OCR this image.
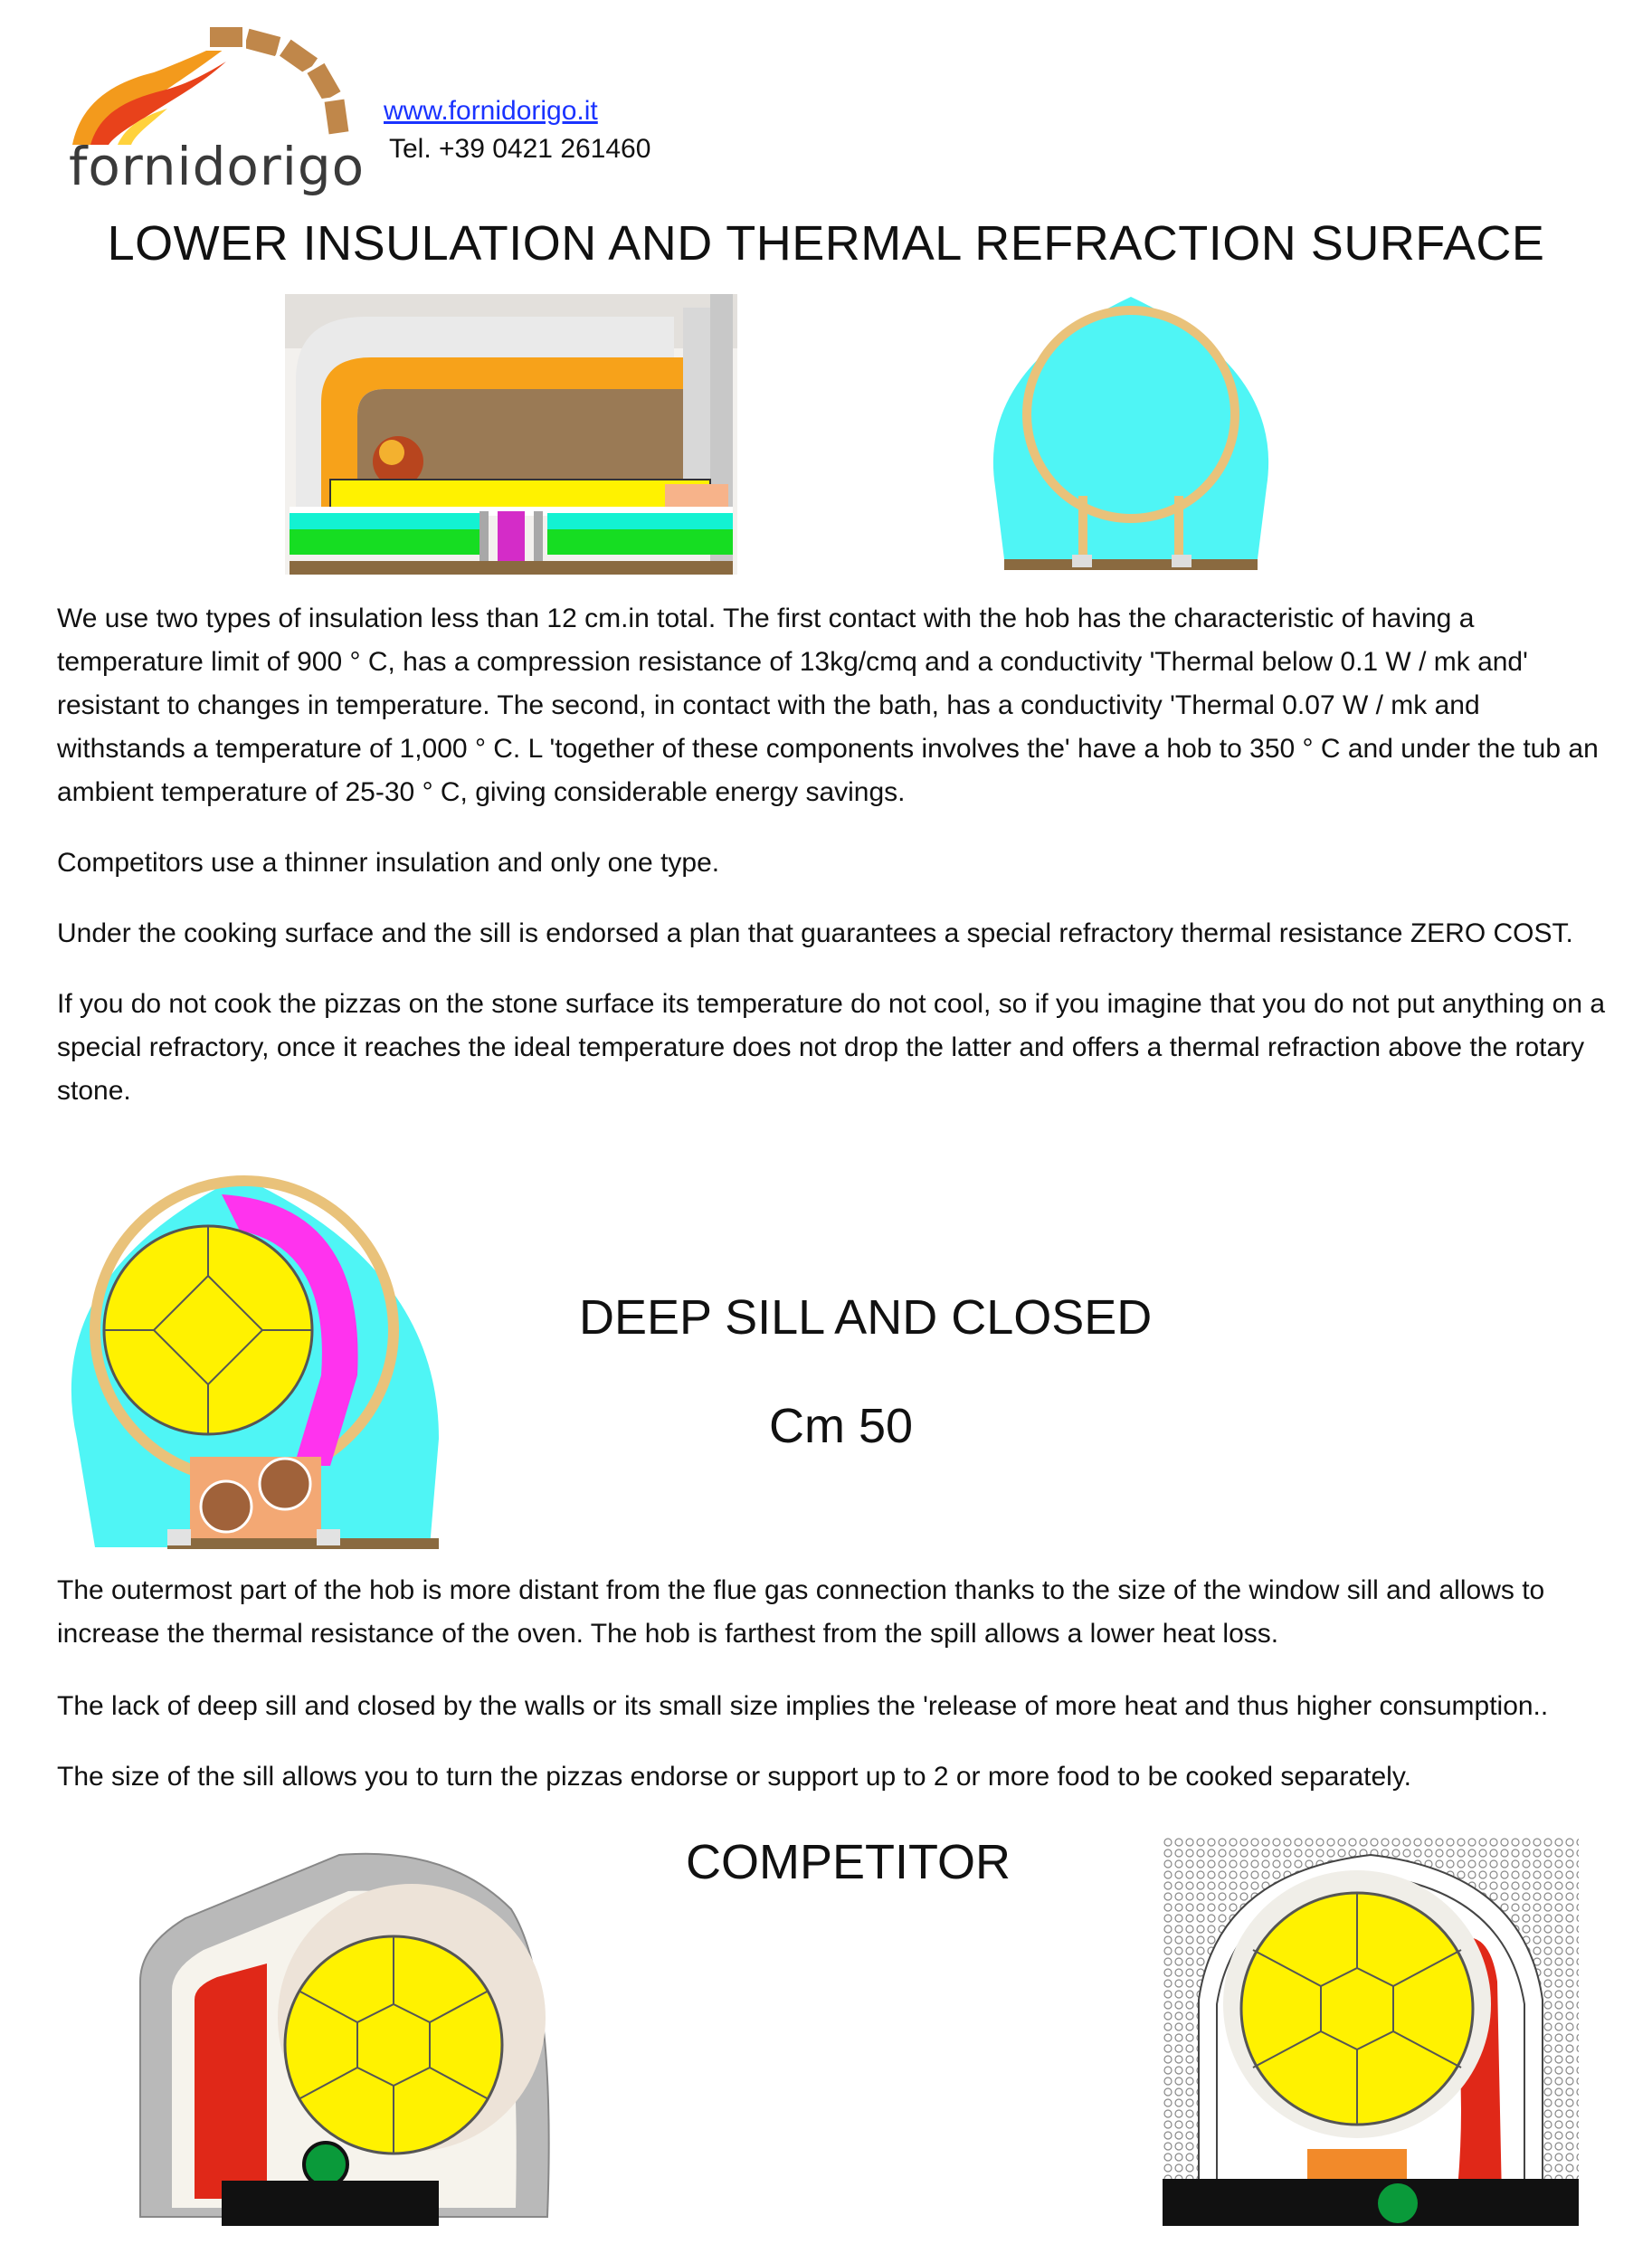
fornidorigo
www.fornidorigo.it
Tel. +39 0421 261460
LOWER INSULATION AND THERMAL REFRACTION SURFACE

We use two types of insulation less than 12 cm.in total. The first contact with the hob has the characteristic of having a temperature limit of 900 ° C, has a compression resistance of 13kg/cmq and a conductivity 'Thermal below 0.1 W / mk and' resistant to changes in temperature. The second, in contact with the bath, has a conductivity 'Thermal 0.07 W / mk and withstands a temperature of 1,000 ° C. L 'together of these components involves the' have a hob to 350 ° C and under the tub an ambient temperature of 25-30 ° C, giving considerable energy savings.

Competitors use a thinner insulation and only one type.

Under the cooking surface and the sill is endorsed a plan that guarantees a special refractory thermal resistance ZERO COST.

If you do not cook the pizzas on the stone surface its temperature do not cool, so if you imagine that you do not put anything on a special refractory, once it reaches the ideal temperature does not drop the latter and offers a thermal refraction above the rotary stone.

DEEP SILL AND CLOSED
Cm 50

The outermost part of the hob is more distant from the flue gas connection thanks to the size of the window sill and allows to increase the thermal resistance of the oven. The hob is farthest from the spill allows a lower heat loss.

The lack of deep sill and closed by the walls or its small size implies the 'release of more heat and thus higher consumption..

The size of the sill allows you to turn the pizzas endorse or support up to 2 or more food to be cooked separately.

COMPETITOR
